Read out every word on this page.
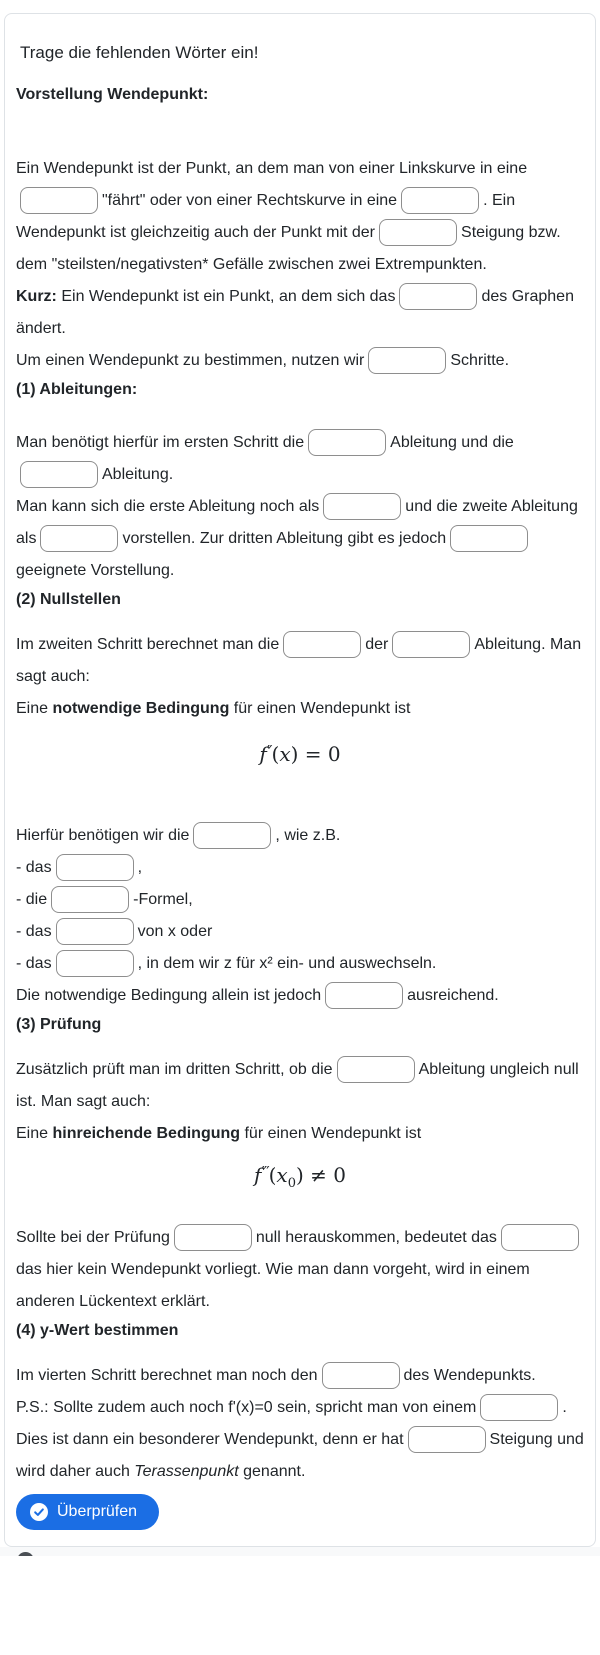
Trage die fehlenden Wörter ein!

Vorstellung Wendepunkt:

Ein Wendepunkt ist der Punkt, an dem man von einer Linkskurve in eine"fährt" oder von einer Rechtskurve in eine	. Ein Wendepunkt ist gleichzeitig auch der Punkt mit der	Steigung bzw. dem "steilsten/negativsten* Gefälle zwischen zwei Extrempunkten.

Kurz: Ein Wendepunkt ist ein Punkt, an dem sich das	des Graphen ändert.

Um einen Wendepunkt zu bestimmen, nutzen wir	Schritte.

(1) Ableitungen:

Man benötigt hierfür im ersten Schritt die	Ableitung und dieAbleitung.
Man kann sich die erste Ableitung noch als	und die zweite Ableitung als	vorstellen. Zur dritten Ableitung gibt es jedochgeeignete Vorstellung.

(2) Nullstellen

Im zweiten Schritt berechnet man die	der	Ableitung. Man sagt auch:

Eine notwendige Bedingung für einen Wendepunkt ist

f′′(x) = 0
Hierfür benötigen wir die	, wie z.B.
- das	,
- die	-Formel,
- das	von x oder
- das	, in dem wir z für x² ein- und auswechseln.

Die notwendige Bedingung allein ist jedoch	ausreichend.

(3) Prüfung

Zusätzlich prüft man im dritten Schritt, ob die	Ableitung ungleich null ist. Man sagt auch:

Eine hinreichende Bedingung für einen Wendepunkt ist

$f'''(x_0) \ne 0$

Sollte bei der Prüfung	null herauskommen, bedeutet dasdas hier kein Wendepunkt vorliegt. Wie man dann vorgeht, wird in einem anderen Lückentext erklärt.

(4) y-Wert bestimmen

Im vierten Schritt berechnet man noch den	des Wendepunkts.

P.S.: Sollte zudem auch noch f'(x)=0 sein, spricht man von einem	. Dies ist dann ein besonderer Wendepunkt, denn er hat	Steigung und wird daher auch Terassenpunkt genannt.

Überprüfen
